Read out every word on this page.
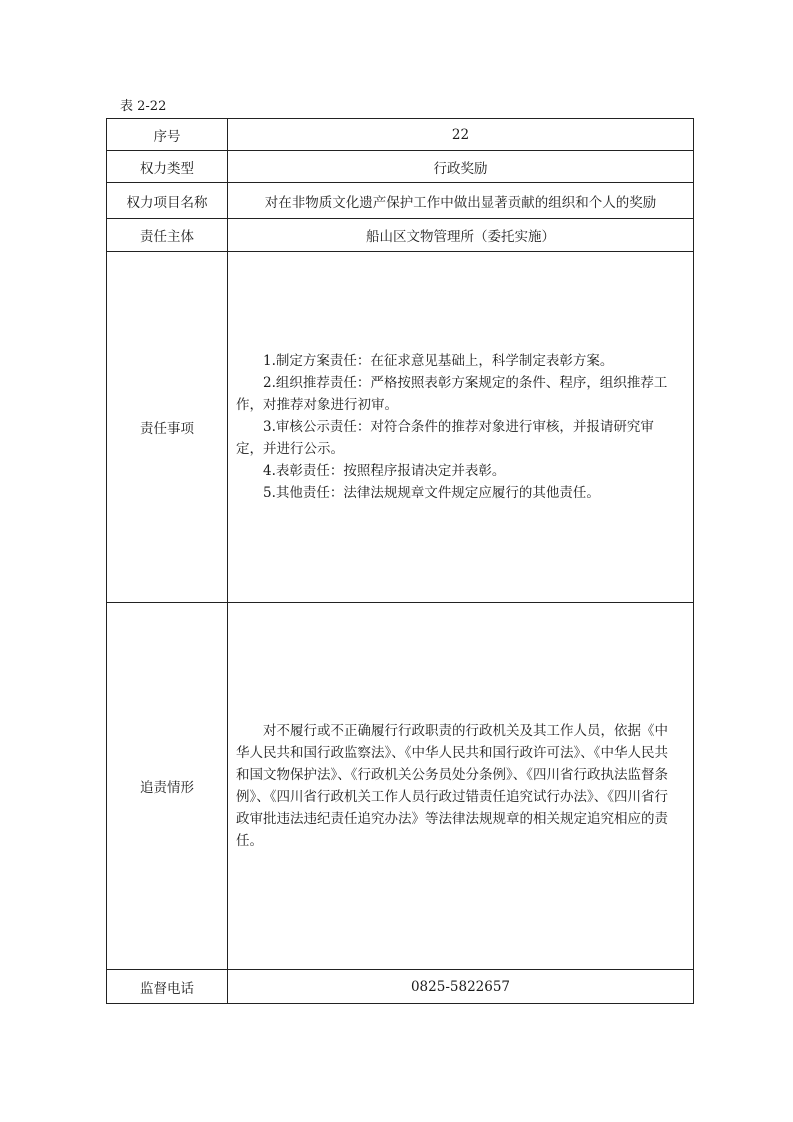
表 2-22
序号	22
权力类型	行政奖励
权力项目名称	对在非物质文化遗产保护工作中做出显著贡献的组织和个人的奖励
责任主体	船山区文物管理所（委托实施）
责任事项	1.制定方案责任：在征求意见基础上，科学制定表彰方案。

2.组织推荐责任：严格按照表彰方案规定的条件、程序，组织推荐工作，对推荐对象进行初审。

3.审核公示责任：对符合条件的推荐对象进行审核，并报请研究审定，并进行公示。

4.表彰责任：按照程序报请决定并表彰。

5.其他责任：法律法规规章文件规定应履行的其他责任。

追责情形	对不履行或不正确履行行政职责的行政机关及其工作人员，依据《中华人民共和国行政监察法》、《中华人民共和国行政许可法》、《中华人民共和国文物保护法》、《行政机关公务员处分条例》、《四川省行政执法监督条例》、《四川省行政机关工作人员行政过错责任追究试行办法》、《四川省行政审批违法违纪责任追究办法》等法律法规规章的相关规定追究相应的责任。

监督电话	0825-5822657
